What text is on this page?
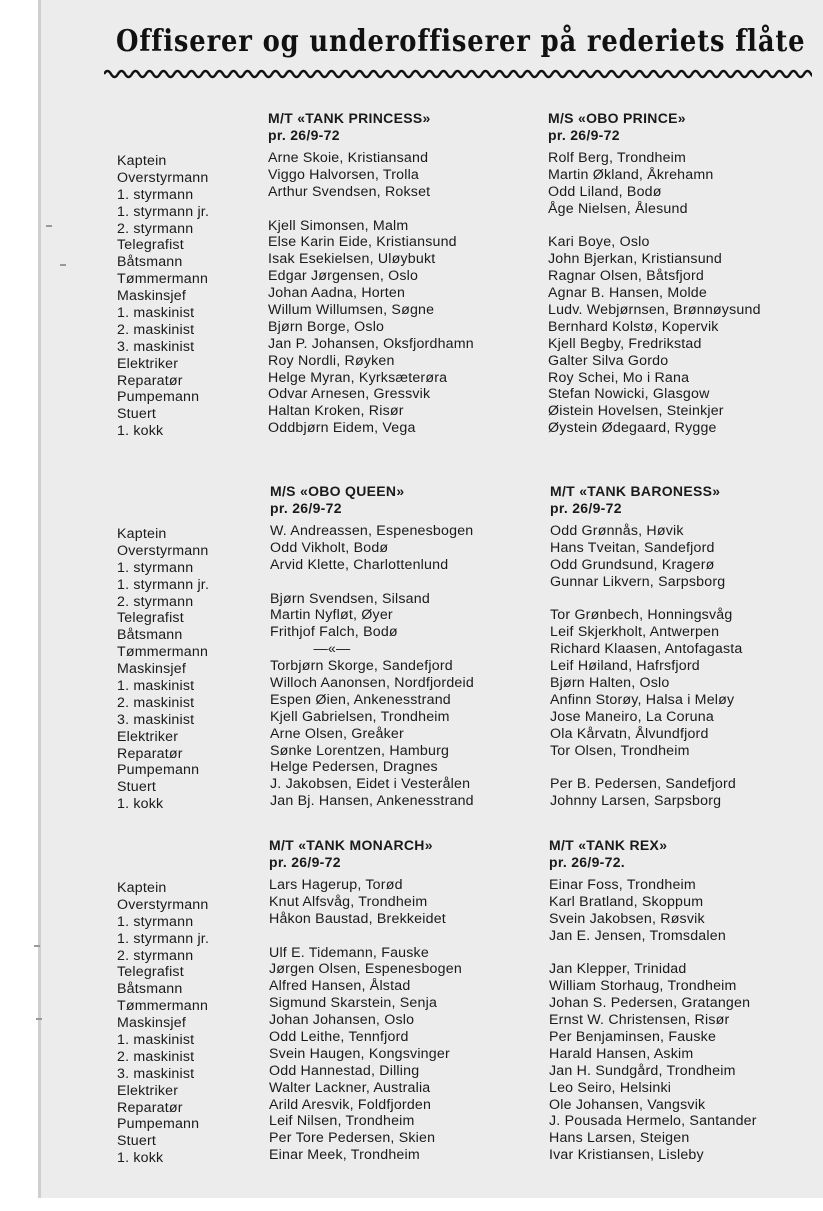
Offiserer og underoffiserer på rederiets flåte
Kaptein
Overstyrmann
1. styrmann
1. styrmann jr.
2. styrmann
Telegrafist
Båtsmann
Tømmermann
Maskinsjef
1. maskinist
2. maskinist
3. maskinist
Elektriker
Reparatør
Pumpemann
Stuert
1. kokk
M/T «TANK PRINCESS»
pr. 26/9-72
Arne Skoie, Kristiansand
Viggo Halvorsen, Trolla
Arthur Svendsen, Rokset
Kjell Simonsen, Malm
Else Karin Eide, Kristiansund
Isak Esekielsen, Uløybukt
Edgar Jørgensen, Oslo
Johan Aadna, Horten
Willum Willumsen, Søgne
Bjørn Borge, Oslo
Jan P. Johansen, Oksfjordhamn
Roy Nordli, Røyken
Helge Myran, Kyrksæterøra
Odvar Arnesen, Gressvik
Haltan Kroken, Risør
Oddbjørn Eidem, Vega
M/S «OBO PRINCE»
pr. 26/9-72
Rolf Berg, Trondheim
Martin Økland, Åkrehamn
Odd Liland, Bodø
Åge Nielsen, Ålesund
Kari Boye, Oslo
John Bjerkan, Kristiansund
Ragnar Olsen, Båtsfjord
Agnar B. Hansen, Molde
Ludv. Webjørnsen, Brønnøysund
Bernhard Kolstø, Kopervik
Kjell Begby, Fredrikstad
Galter Silva Gordo
Roy Schei, Mo i Rana
Stefan Nowicki, Glasgow
Øistein Hovelsen, Steinkjer
Øystein Ødegaard, Rygge
Kaptein
Overstyrmann
1. styrmann
1. styrmann jr.
2. styrmann
Telegrafist
Båtsmann
Tømmermann
Maskinsjef
1. maskinist
2. maskinist
3. maskinist
Elektriker
Reparatør
Pumpemann
Stuert
1. kokk
M/S «OBO QUEEN»
pr. 26/9-72
W. Andreassen, Espenesbogen
Odd Vikholt, Bodø
Arvid Klette, Charlottenlund
Bjørn Svendsen, Silsand
Martin Nyfløt, Øyer
Frithjof Falch, Bodø
—«—
Torbjørn Skorge, Sandefjord
Willoch Aanonsen, Nordfjordeid
Espen Øien, Ankenesstrand
Kjell Gabrielsen, Trondheim
Arne Olsen, Greåker
Sønke Lorentzen, Hamburg
Helge Pedersen, Dragnes
J. Jakobsen, Eidet i Vesterålen
Jan Bj. Hansen, Ankenesstrand
M/T «TANK BARONESS»
pr. 26/9-72
Odd Grønnås, Høvik
Hans Tveitan, Sandefjord
Odd Grundsund, Kragerø
Gunnar Likvern, Sarpsborg
Tor Grønbech, Honningsvåg
Leif Skjerkholt, Antwerpen
Richard Klaasen, Antofagasta
Leif Høiland, Hafrsfjord
Bjørn Halten, Oslo
Anfinn Storøy, Halsa i Meløy
Jose Maneiro, La Coruna
Ola Kårvatn, Ålvundfjord
Tor Olsen, Trondheim
Per B. Pedersen, Sandefjord
Johnny Larsen, Sarpsborg
Kaptein
Overstyrmann
1. styrmann
1. styrmann jr.
2. styrmann
Telegrafist
Båtsmann
Tømmermann
Maskinsjef
1. maskinist
2. maskinist
3. maskinist
Elektriker
Reparatør
Pumpemann
Stuert
1. kokk
M/T «TANK MONARCH»
pr. 26/9-72
Lars Hagerup, Torød
Knut Alfsvåg, Trondheim
Håkon Baustad, Brekkeidet
Ulf E. Tidemann, Fauske
Jørgen Olsen, Espenesbogen
Alfred Hansen, Ålstad
Sigmund Skarstein, Senja
Johan Johansen, Oslo
Odd Leithe, Tennfjord
Svein Haugen, Kongsvinger
Odd Hannestad, Dilling
Walter Lackner, Australia
Arild Aresvik, Foldfjorden
Leif Nilsen, Trondheim
Per Tore Pedersen, Skien
Einar Meek, Trondheim
M/T «TANK REX»
pr. 26/9-72.
Einar Foss, Trondheim
Karl Bratland, Skoppum
Svein Jakobsen, Røsvik
Jan E. Jensen, Tromsdalen
Jan Klepper, Trinidad
William Storhaug, Trondheim
Johan S. Pedersen, Gratangen
Ernst W. Christensen, Risør
Per Benjaminsen, Fauske
Harald Hansen, Askim
Jan H. Sundgård, Trondheim
Leo Seiro, Helsinki
Ole Johansen, Vangsvik
J. Pousada Hermelo, Santander
Hans Larsen, Steigen
Ivar Kristiansen, Lisleby
